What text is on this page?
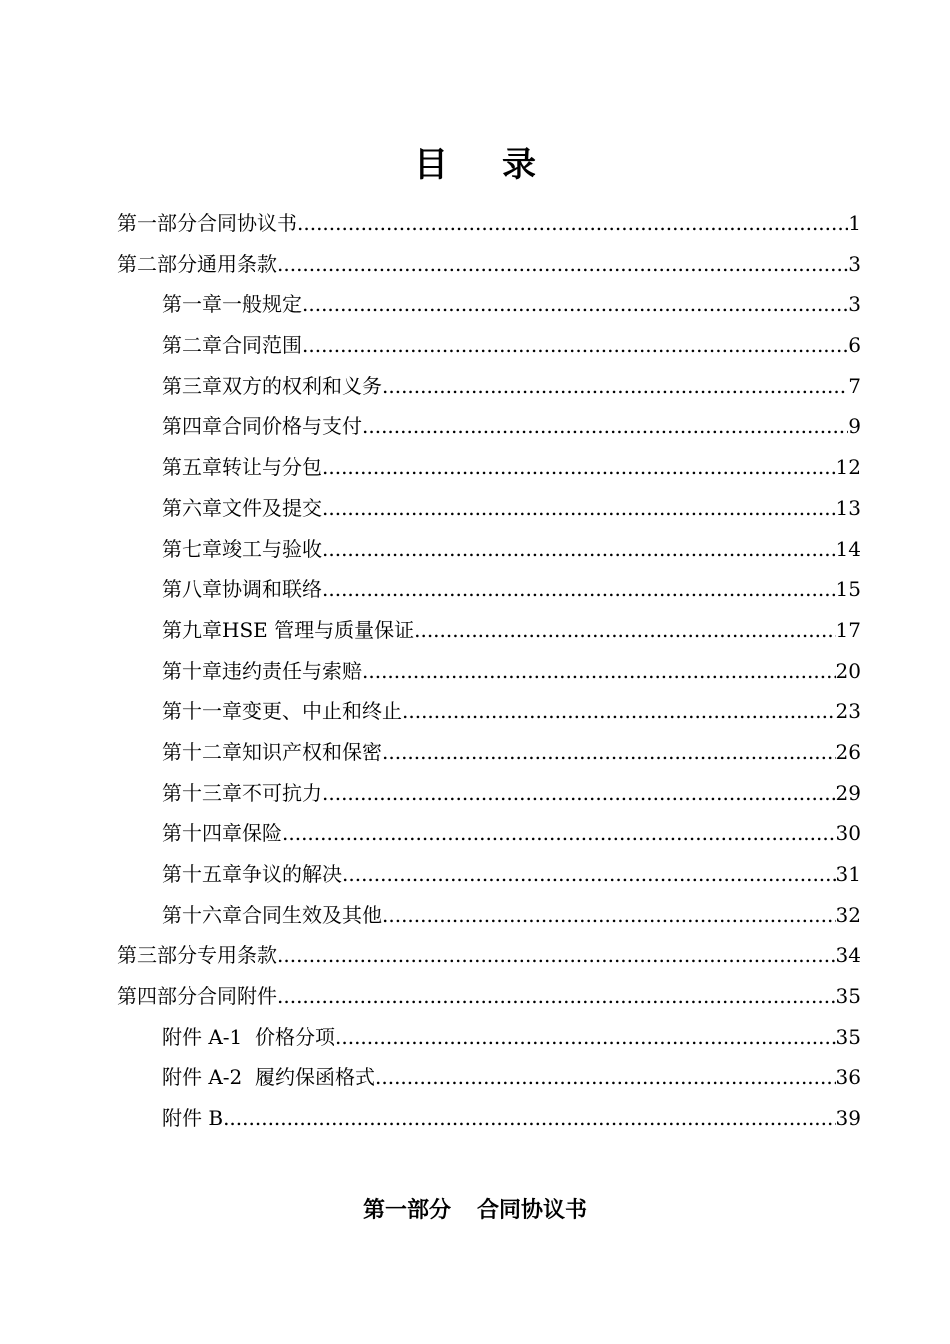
目 录
第一部分 合同协议书 .....	1
第二部分 通用条款 .....	3
第一章 一般规定 .....	3
第二章 合同范围 .....	6
第三章 双方的权利和义务 .....	7
第四章 合同价格与支付 .....	9
第五章 转让与分包 .....	12
第六章 文件及提交 .....	13
第七章 竣工与验收 .....	14
第八章 协调和联络 .....	15
第九章 HSE 管理与质量保证 .....	17
第十章 违约责任与索赔 .....	20
第十一章 变更、中止和终止 .....	23
第十二章 知识产权和保密 .....	26
第十三章 不可抗力 .....	29
第十四章 保险 .....	30
第十五章 争议的解决 .....	31
第十六章 合同生效及其他 .....	32
第三部分 专用条款 .....	34
第四部分 合同附件 .....	35
附件 A-1  价格分项 .....	35
附件 A-2  履约保函格式 .....	36
附件 B .....	39
第一部分 合同协议书
